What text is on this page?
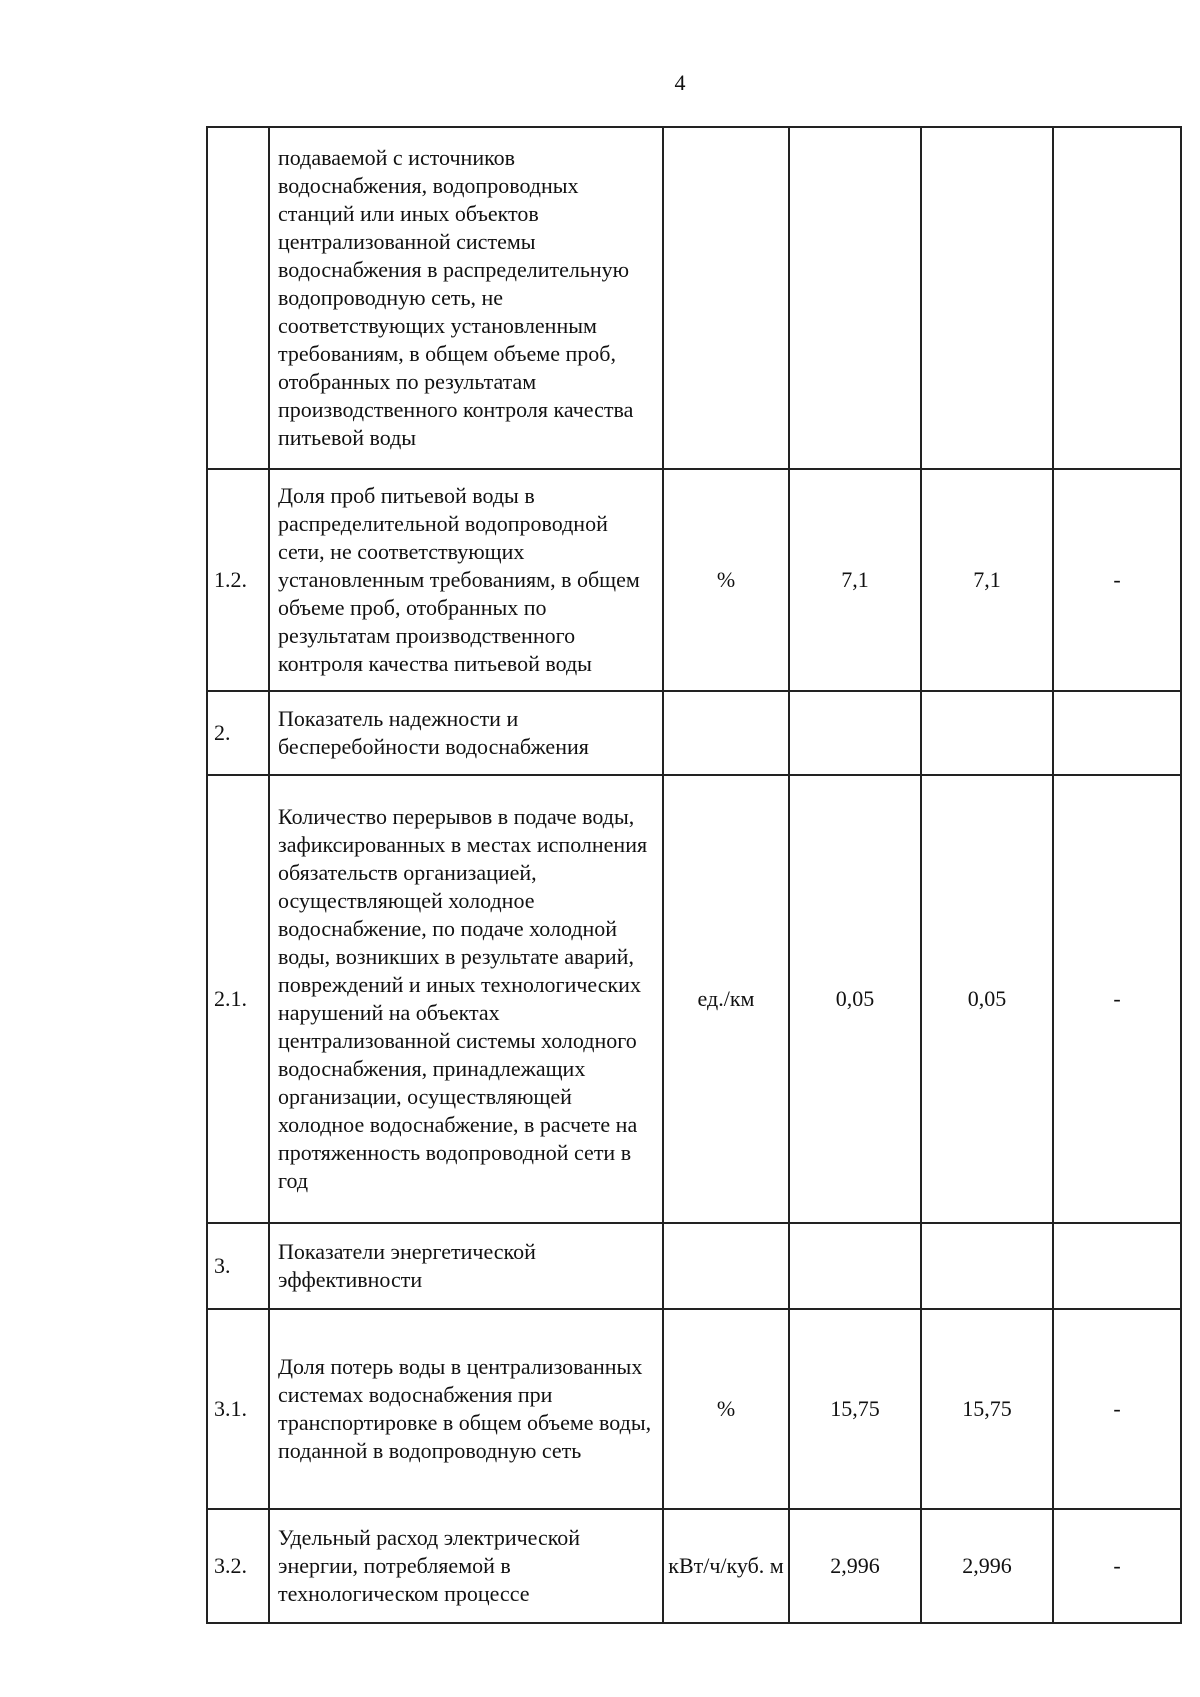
4
	подаваемой с источников водоснабжения, водопроводных станций или иных объектов централизованной системы водоснабжения в распределительную водопроводную сеть, не соответствующих установленным требованиям, в общем объеме проб, отобранных по результатам производственного контроля качества питьевой воды				
1.2.	Доля проб питьевой воды в распределительной водопроводной сети, не соответствующих установленным требованиям, в общем объеме проб, отобранных по результатам производственного контроля качества питьевой воды	%	7,1	7,1	-
2.	Показатель надежности и бесперебойности водоснабжения				
2.1.	Количество перерывов в подаче воды, зафиксированных в местах исполнения обязательств организацией, осуществляющей холодное водоснабжение, по подаче холодной воды, возникших в результате аварий, повреждений и иных технологических нарушений на объектах централизованной системы холодного водоснабжения, принадлежащих организации, осуществляющей холодное водоснабжение, в расчете на протяженность водопроводной сети в год	ед./км	0,05	0,05	-
3.	Показатели энергетической эффективности				
3.1.	Доля потерь воды в централизованных системах водоснабжения при транспортировке в общем объеме воды, поданной в водопроводную сеть	%	15,75	15,75	-
3.2.	Удельный расход электрической энергии, потребляемой в технологическом процессе	кВт/ч/куб. м	2,996	2,996	-
